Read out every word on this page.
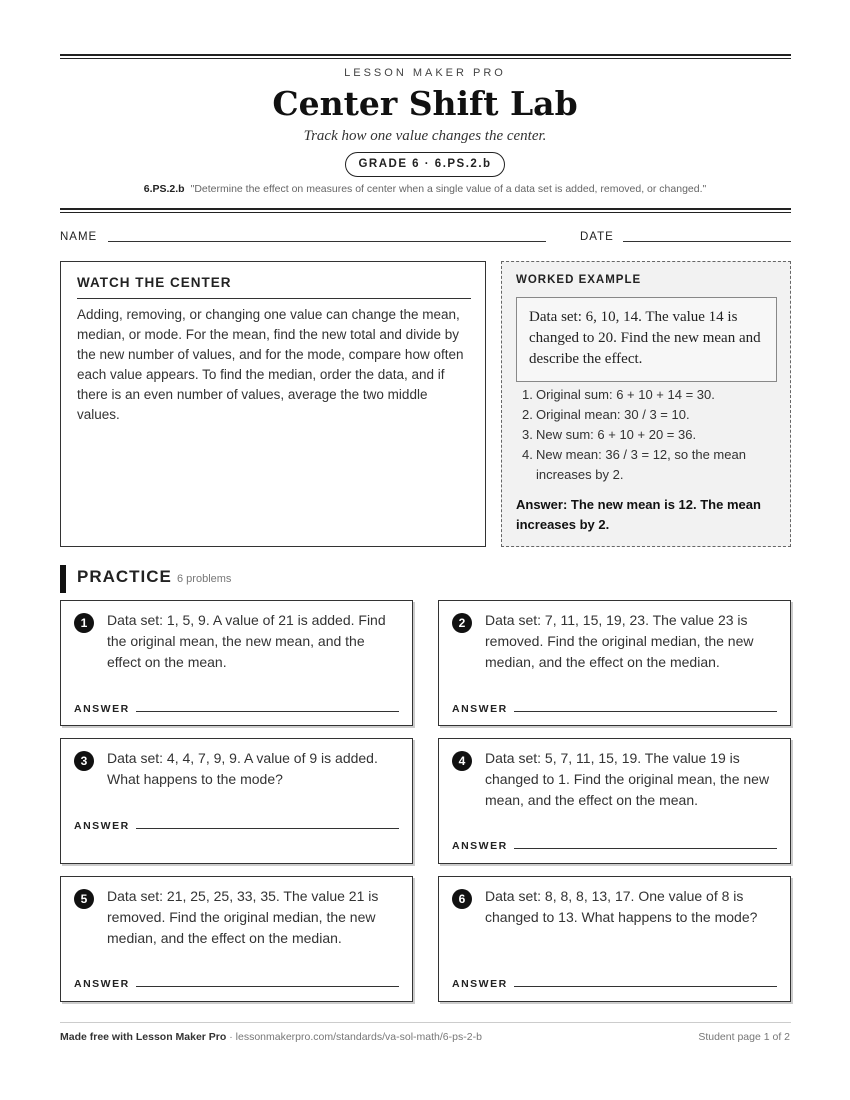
LESSON MAKER PRO
Center Shift Lab
Track how one value changes the center.
GRADE 6 · 6.PS.2.b
6.PS.2.b "Determine the effect on measures of center when a single value of a data set is added, removed, or changed."
NAME	DATE
WATCH THE CENTER
Adding, removing, or changing one value can change the mean, median, or mode. For the mean, find the new total and divide by the new number of values, and for the mode, compare how often each value appears. To find the median, order the data, and if there is an even number of values, average the two middle values.
WORKED EXAMPLE
Data set: 6, 10, 14. The value 14 is changed to 20. Find the new mean and describe the effect.
1. Original sum: 6 + 10 + 14 = 30.
2. Original mean: 30 / 3 = 10.
3. New sum: 6 + 10 + 20 = 36.
4. New mean: 36 / 3 = 12, so the mean increases by 2.
Answer: The new mean is 12. The mean increases by 2.
PRACTICE 6 problems
1	Data set: 1, 5, 9. A value of 21 is added. Find the original mean, the new mean, and the effect on the mean.
ANSWER
2	Data set: 7, 11, 15, 19, 23. The value 23 is removed. Find the original median, the new median, and the effect on the median.
ANSWER
3	Data set: 4, 4, 7, 9, 9. A value of 9 is added. What happens to the mode?
ANSWER
4	Data set: 5, 7, 11, 15, 19. The value 19 is changed to 1. Find the original mean, the new mean, and the effect on the mean.
ANSWER
5	Data set: 21, 25, 25, 33, 35. The value 21 is removed. Find the original median, the new median, and the effect on the median.
ANSWER
6	Data set: 8, 8, 8, 13, 17. One value of 8 is changed to 13. What happens to the mode?
ANSWER
Made free with Lesson Maker Pro · lessonmakerpro.com/standards/va-sol-math/6-ps-2-b	Student page 1 of 2
